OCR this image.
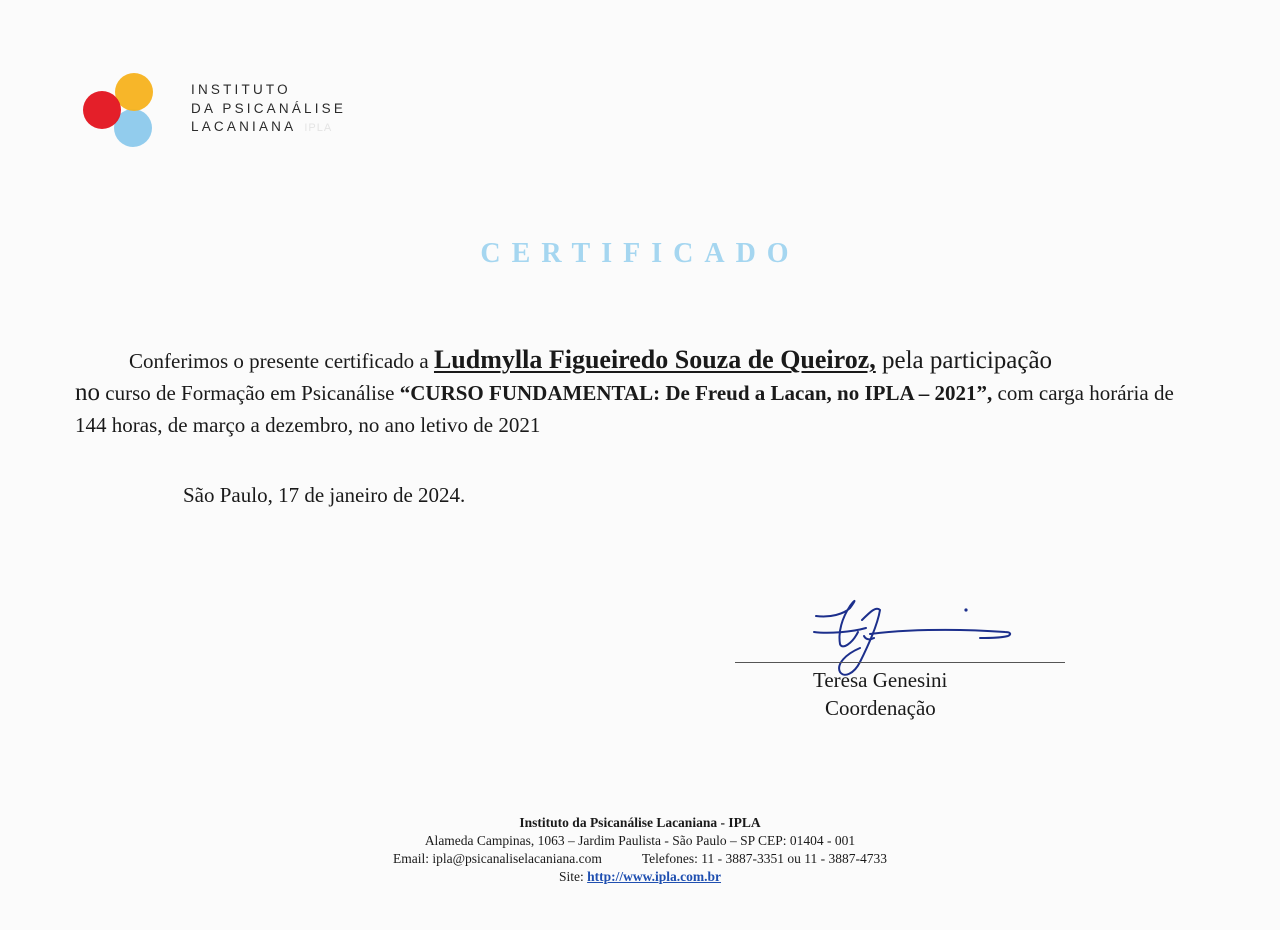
INSTITUTO
DA PSICANÁLISE
LACANIANA IPLA
CERTIFICADO
Conferimos o presente certificado a Ludmylla Figueiredo Souza de Queiroz, pela participação
no curso de Formação em Psicanálise “CURSO FUNDAMENTAL: De Freud a Lacan, no IPLA – 2021”, com carga horária de 144 horas, de março a dezembro, no ano letivo de 2021
São Paulo, 17 de janeiro de 2024.
Teresa Genesini
Coordenação
Instituto da Psicanálise Lacaniana - IPLA
Alameda Campinas, 1063 – Jardim Paulista - São Paulo – SP CEP: 01404 - 001
Email: ipla@psicanaliselacaniana.com	Telefones: 11 - 3887-3351 ou 11 - 3887-4733
Site: http://www.ipla.com.br
